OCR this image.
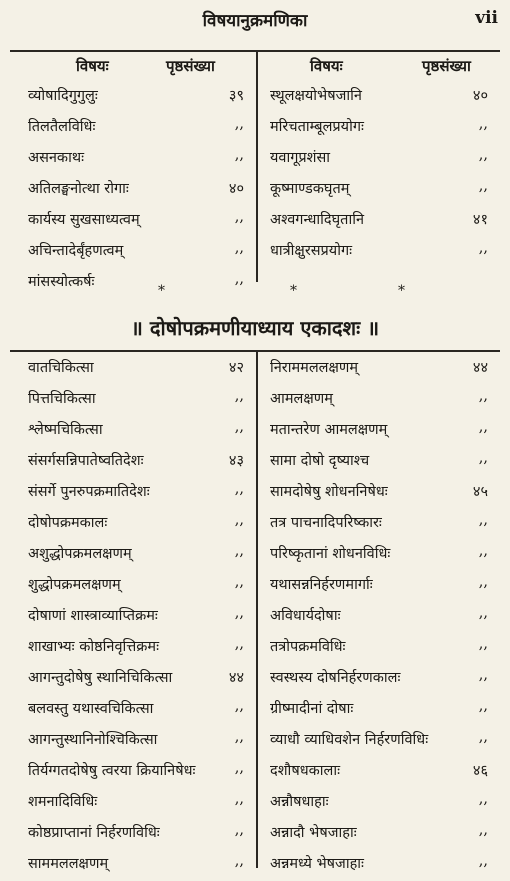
विषयानुक्रमणिका	vii
विषयः	पृष्ठसंख्या	विषयः	पृष्ठसंख्या
व्योषादिगुगुलुः	३९ स्थूलक्षयोभेषजानि	४०
तिलतैलविधिः	,, मरिचताम्बूलप्रयोगः	,,
असनकाथः	,, यवागूप्रशंसा	,,
अतिलङ्घनोत्था रोगाः	४० कूष्माण्डकघृतम्	,,
कार्यस्य सुखसाध्यत्वम्	,, अश्वगन्धादिघृतानि	४१
अचिन्तादेर्बृंहणत्वम्	,, धात्रीक्षुरसप्रयोगः	,,
मांसस्योत्कर्षः	,,
*	*	*
॥ दोषोपक्रमणीयाध्याय एकादशः ॥
वातचिकित्सा	४२ निराममललक्षणम्	४४
पित्तचिकित्सा	,, आमलक्षणम्	,,
श्लेष्मचिकित्सा	,, मतान्तरेण आमलक्षणम्	,,
संसर्गसन्निपातेष्वतिदेशः	४३ सामा दोषो दृष्याश्च	,,
संसर्गे पुनरुपक्रमातिदेशः	,, सामदोषेषु शोधननिषेधः	४५
दोषोपक्रमकालः	,, तत्र पाचनादिपरिष्कारः	,,
अशुद्धोपक्रमलक्षणम्	,, परिष्कृतानां शोधनविधिः	,,
शुद्धोपक्रमलक्षणम्	,, यथासन्ननिर्हरणमार्गाः	,,
दोषाणां शास्त्राव्याप्तिक्रमः	,, अविधार्यदोषाः	,,
शाखाभ्यः कोष्ठनिवृत्तिक्रमः	,, तत्रोपक्रमविधिः	,,
आगन्तुदोषेषु स्थानिचिकित्सा	४४ स्वस्थस्य दोषनिर्हरणकालः	,,
बलवस्तु यथास्वचिकित्सा	,, ग्रीष्मादीनां दोषाः	,,
आगन्तुस्थानिनोश्चिकित्सा	,, व्याधौ व्याधिवशेन निर्हरणविधिः	,,
तिर्यग्गतदोषेषु त्वरया क्रियानिषेधः	,, दशौषधकालाः	४६
शमनादिविधिः	,, अन्नौषधाहाः	,,
कोष्ठप्राप्तानां निर्हरणविधिः	,, अन्नादौ भेषजाहाः	,,
साममललक्षणम्	,, अन्नमध्ये भेषजाहाः	,,
